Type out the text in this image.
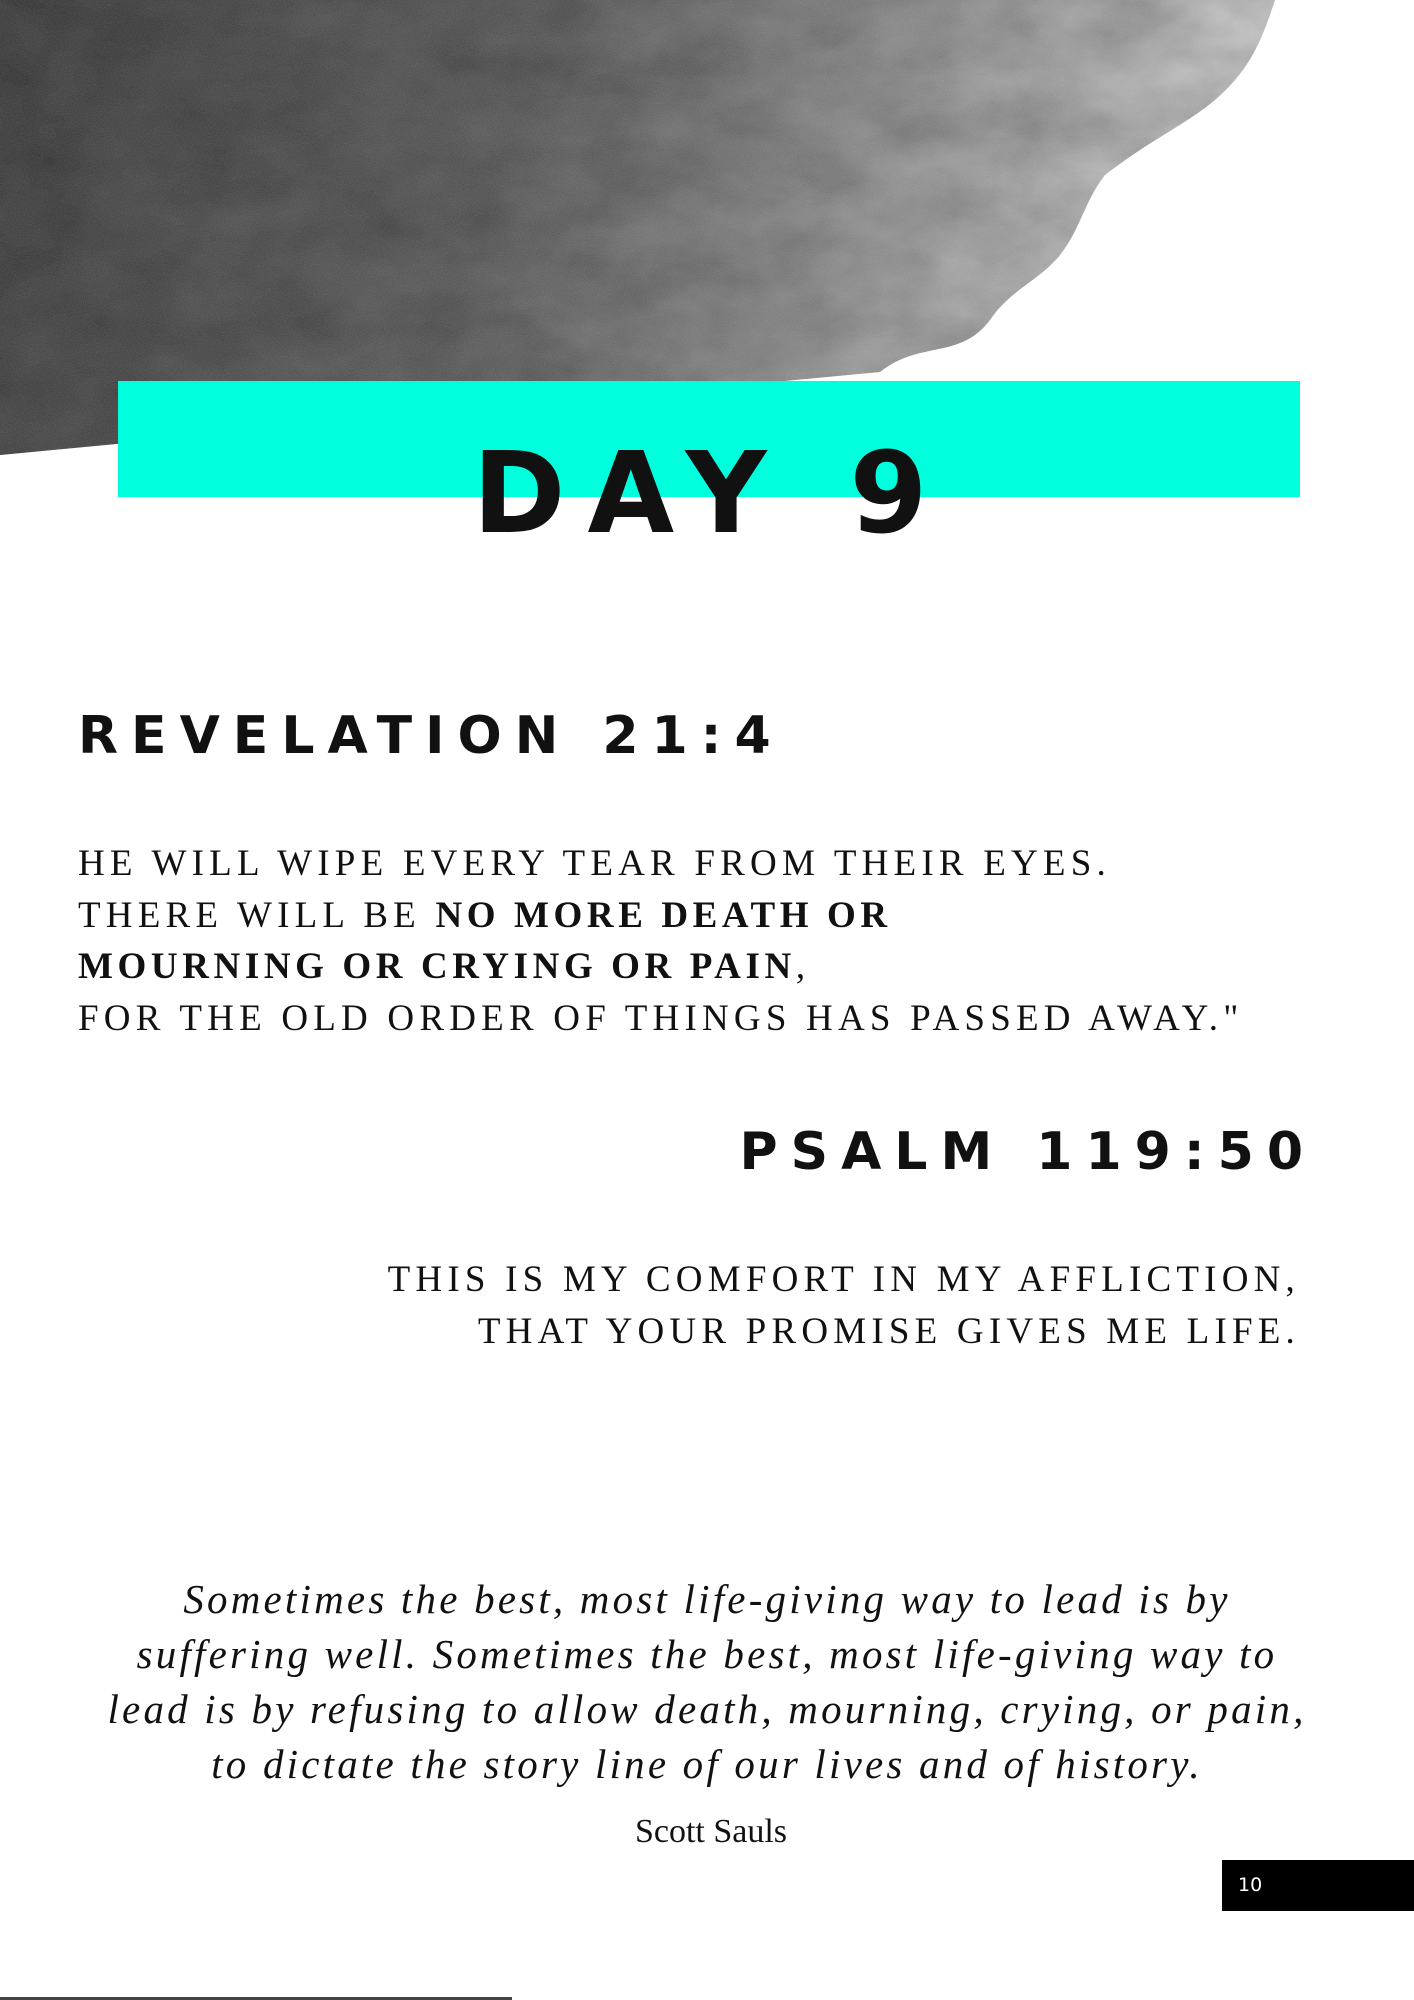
DAY 9
REVELATION 21:4

HE WILL WIPE EVERY TEAR FROM THEIR EYES.
THERE WILL BE NO MORE DEATH OR
MOURNING OR CRYING OR PAIN,
FOR THE OLD ORDER OF THINGS HAS PASSED AWAY."

PSALM 119:50

THIS IS MY COMFORT IN MY AFFLICTION,
THAT YOUR PROMISE GIVES ME LIFE.

Sometimes the best, most life-giving way to lead is by
suffering well. Sometimes the best, most life-giving way to
lead is by refusing to allow death, mourning, crying, or pain,
to dictate the story line of our lives and of history.

Scott Sauls
10
